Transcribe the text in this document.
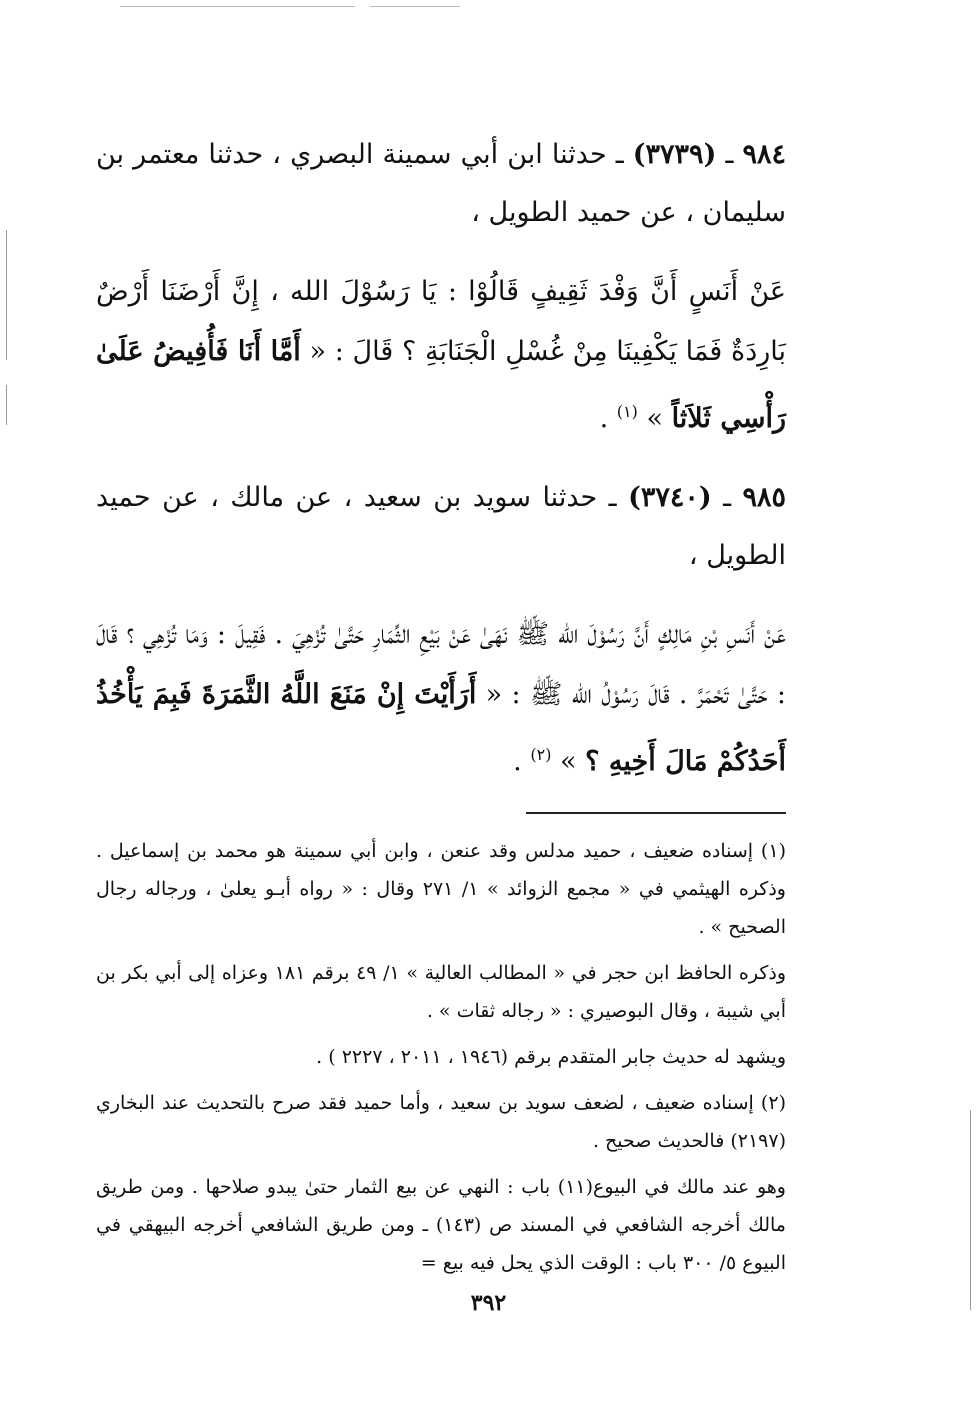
٩٨٤ ـ (٣٧٣٩) ـ حدثنا ابن أبي سمينة البصري ، حدثنا معتمر بن سليمان ، عن حميد الطويل ،

عَنْ أَنَسٍ أَنَّ وَفْدَ ثَقِيفٍ قَالُوْا : يَا رَسُوْلَ الله ، إِنَّ أَرْضَنَا أَرْضٌ بَارِدَةٌ فَمَا يَكْفِينَا مِنْ غُسْلِ الْجَنَابَةِ ؟ قَالَ : « أَمَّا أَنَا فَأُفِيضُ عَلَىٰ رَأْسِي ثَلاَثاً » $^{(١)}$ .

٩٨٥ ـ (٣٧٤٠) ـ حدثنا سويد بن سعيد ، عن مالك ، عن حميد الطويل ،

عَنْ أَنَسِ بْنِ مَالِكٍ أَنَّ رَسُوْلَ الله ﷺ نَهَىٰ عَنْ بَيْعِ الثِّمَارِ حَتَّىٰ تُزْهِيَ . فَقِيلَ : وَمَا تُزْهِي ؟ قَالَ : حَتَّىٰ تَحْمَرَّ . قَالَ رَسُوْلُ الله ﷺ : « أَرَأَيْتَ إِنْ مَنَعَ اللَّهُ الثَّمَرَةَ فَبِمَ يَأْخُذُ أَحَدُكُمْ مَالَ أَخِيهِ ؟ » $^{(٢)}$ .

(١) إسناده ضعيف ، حميد مدلس وقد عنعن ، وابن أبي سمينة هو محمد بن إسماعيل . وذكره الهيثمي في « مجمع الزوائد » ١/ ٢٧١ وقال : « رواه أبـو يعلىٰ ، ورجاله رجال الصحيح » .

وذكره الحافظ ابن حجر في « المطالب العالية » ١/ ٤٩ برقم ١٨١ وعزاه إلى أبي بكر بن أبي شيبة ، وقال البوصيري : « رجاله ثقات » .

ويشهد له حديث جابر المتقدم برقم (١٩٤٦ ، ٢٠١١ ، ٢٢٢٧ ) .

(٢) إسناده ضعيف ، لضعف سويد بن سعيد ، وأما حميد فقد صرح بالتحديث عند البخاري (٢١٩٧) فالحديث صحيح .

وهو عند مالك في البيوع(١١) باب : النهي عن بيع الثمار حتىٰ يبدو صلاحها . ومن طريق مالك أخرجه الشافعي في المسند ص (١٤٣) ـ ومن طريق الشافعي أخرجه البيهقي في البيوع ٥/ ٣٠٠ باب : الوقت الذي يحل فيه بيع =

٣٩٢
